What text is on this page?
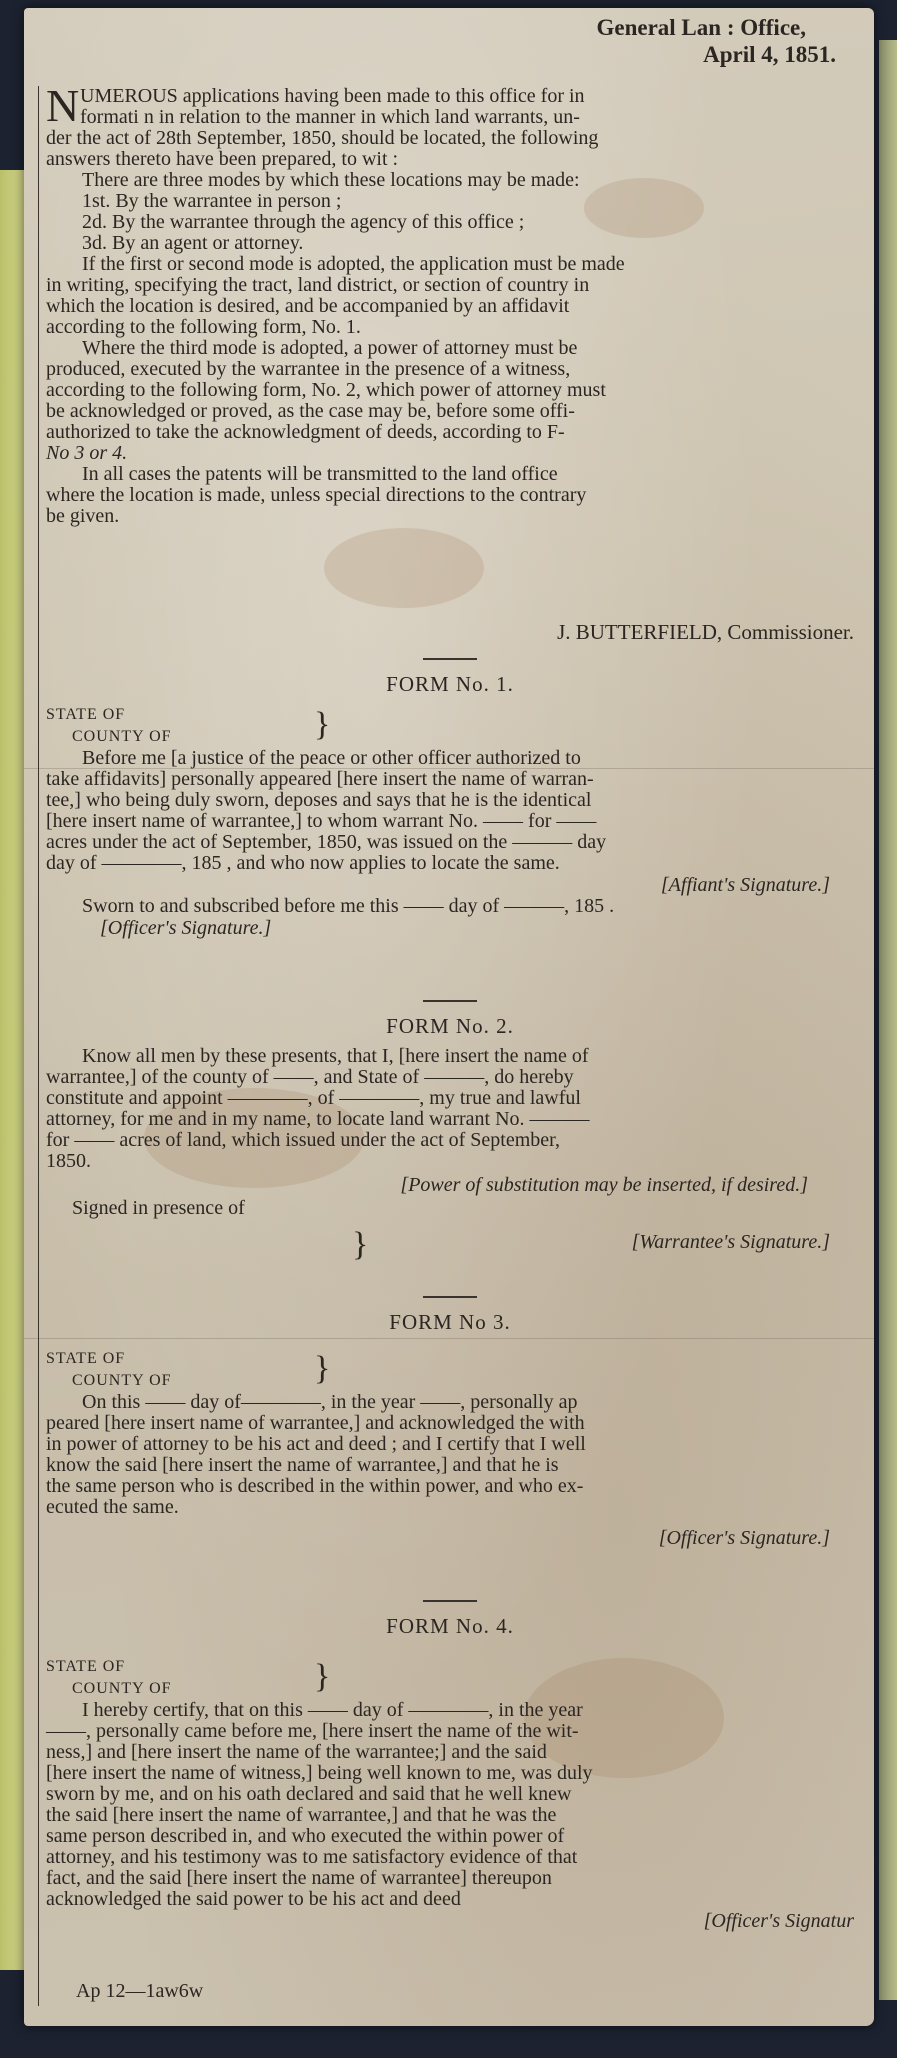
General Lan : Office,

April 4, 1851.

N UMEROUS applications having been made to this office for in

formati n in relation to the manner in which land warrants, un-

der the act of 28th September, 1850, should be located, the following

answers thereto have been prepared, to wit :

There are three modes by which these locations may be made:

1st. By the warrantee in person ;

2d. By the warrantee through the agency of this office ;

3d. By an agent or attorney.

If the first or second mode is adopted, the application must be made

in writing, specifying the tract, land district, or section of country in

which the location is desired, and be accompanied by an affidavit

according to the following form, No. 1.

Where the third mode is adopted, a power of attorney must be

produced, executed by the warrantee in the presence of a witness,

according to the following form, No. 2, which power of attorney must

be acknowledged or proved, as the case may be, before some offi-

authorized to take the acknowledgment of deeds, according to F-

No 3 or 4.

In all cases the patents will be transmitted to the land office

where the location is made, unless special directions to the contrary

be given.

J. BUTTERFIELD, Commissioner.

FORM No. 1.

STATE OF
COUNTY OF	}

Before me [a justice of the peace or other officer authorized to

take affidavits] personally appeared [here insert the name of warran-

tee,] who being duly sworn, deposes and says that he is the identical

[here insert name of warrantee,] to whom warrant No. —— for ——

acres under the act of September, 1850, was issued on the ——— day

day of ————, 185 , and who now applies to locate the same.

[Affiant's Signature.]

Sworn to and subscribed before me this —— day of ———, 185 .

[Officer's Signature.]

FORM No. 2.

Know all men by these presents, that I, [here insert the name of

warrantee,] of the county of ——, and State of ———, do hereby

constitute and appoint ————, of ————, my true and lawful

attorney, for me and in my name, to locate land warrant No. ———

for —— acres of land, which issued under the act of September,

1850.

[Power of substitution may be inserted, if desired.]

Signed in presence of

}	[Warrantee's Signature.]

FORM No 3.

STATE OF
COUNTY OF	}

On this —— day of————, in the year ——, personally ap

peared [here insert name of warrantee,] and acknowledged the with

in power of attorney to be his act and deed ; and I certify that I well

know the said [here insert the name of warrantee,] and that he is

the same person who is described in the within power, and who ex-

ecuted the same.

[Officer's Signature.]

FORM No. 4.

STATE OF
COUNTY OF	}

I hereby certify, that on this —— day of ————, in the year

——, personally came before me, [here insert the name of the wit-

ness,] and [here insert the name of the warrantee;] and the said

[here insert the name of witness,] being well known to me, was duly

sworn by me, and on his oath declared and said that he well knew

the said [here insert the name of warrantee,] and that he was the

same person described in, and who executed the within power of

attorney, and his testimony was to me satisfactory evidence of that

fact, and the said [here insert the name of warrantee] thereupon

acknowledged the said power to be his act and deed

[Officer's Signatur

Ap 12—1aw6w
